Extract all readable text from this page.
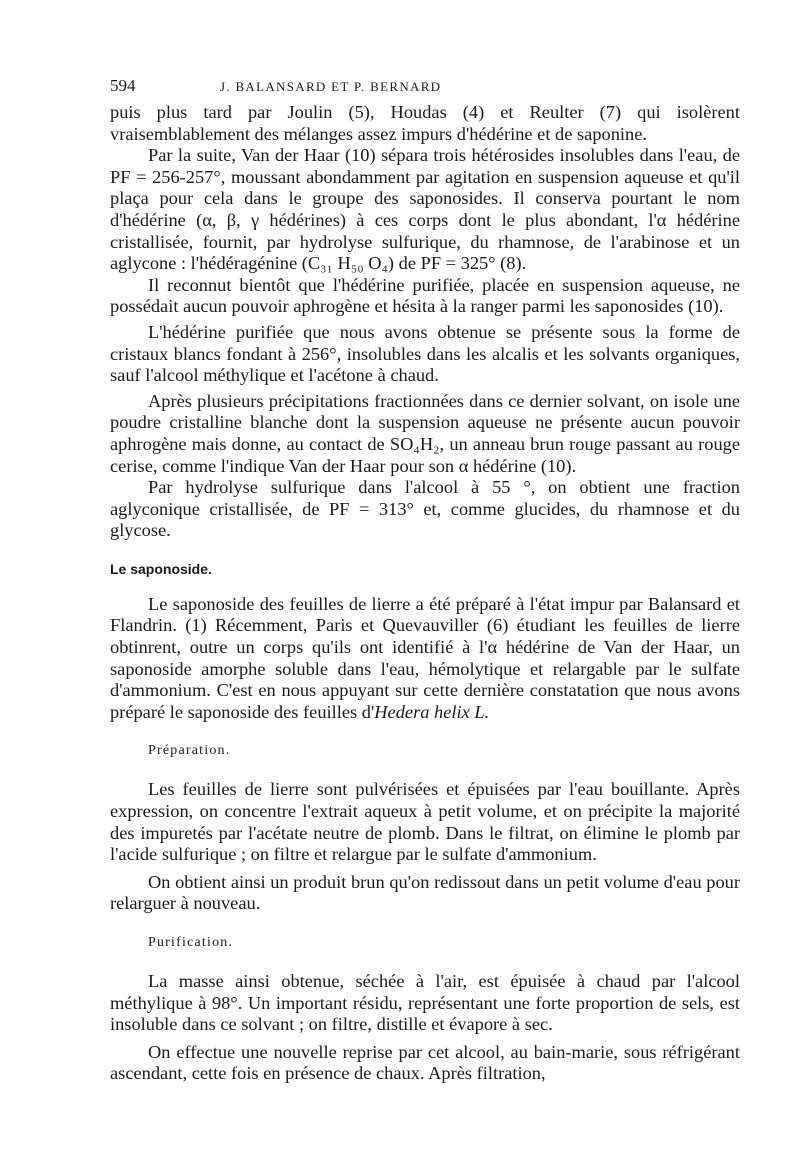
594	J. BALANSARD ET P. BERNARD

puis plus tard par Joulin (5), Houdas (4) et Reulter (7) qui isolèrent vraisemblablement des mélanges assez impurs d'hédérine et de saponine.

Par la suite, Van der Haar (10) sépara trois hétérosides insolubles dans l'eau, de PF = 256-257°, moussant abondamment par agitation en suspension aqueuse et qu'il plaça pour cela dans le groupe des saponosides. Il conserva pourtant le nom d'hédérine (α, β, γ hédérines) à ces corps dont le plus abondant, l'α hédérine cristallisée, fournit, par hydrolyse sulfurique, du rhamnose, de l'arabinose et un aglycone : l'hédéragénine (C₃₁ H₅₀ O₄) de PF = 325° (8).

Il reconnut bientôt que l'hédérine purifiée, placée en suspension aqueuse, ne possédait aucun pouvoir aphrogène et hésita à la ranger parmi les saponosides (10).

L'hédérine purifiée que nous avons obtenue se présente sous la forme de cristaux blancs fondant à 256°, insolubles dans les alcalis et les solvants organiques, sauf l'alcool méthylique et l'acétone à chaud.

Après plusieurs précipitations fractionnées dans ce dernier solvant, on isole une poudre cristalline blanche dont la suspension aqueuse ne présente aucun pouvoir aphrogène mais donne, au contact de SO₄H₂, un anneau brun rouge passant au rouge cerise, comme l'indique Van der Haar pour son α hédérine (10).

Par hydrolyse sulfurique dans l'alcool à 55 °, on obtient une fraction aglyconique cristallisée, de PF = 313° et, comme glucides, du rhamnose et du glycose.

Le saponoside.

Le saponoside des feuilles de lierre a été préparé à l'état impur par Balansard et Flandrin. (1) Récemment, Paris et Quevauviller (6) étudiant les feuilles de lierre obtinrent, outre un corps qu'ils ont identifié à l'α hédérine de Van der Haar, un saponoside amorphe soluble dans l'eau, hémolytique et relargable par le sulfate d'ammonium. C'est en nous appuyant sur cette dernière constatation que nous avons préparé le saponoside des feuilles d'Hedera helix L.

Préparation.

Les feuilles de lierre sont pulvérisées et épuisées par l'eau bouillante. Après expression, on concentre l'extrait aqueux à petit volume, et on précipite la majorité des impuretés par l'acétate neutre de plomb. Dans le filtrat, on élimine le plomb par l'acide sulfurique ; on filtre et relargue par le sulfate d'ammonium.

On obtient ainsi un produit brun qu'on redissout dans un petit volume d'eau pour relarguer à nouveau.

Purification.

La masse ainsi obtenue, séchée à l'air, est épuisée à chaud par l'alcool méthylique à 98°. Un important résidu, représentant une forte proportion de sels, est insoluble dans ce solvant ; on filtre, distille et évapore à sec.

On effectue une nouvelle reprise par cet alcool, au bain-marie, sous réfrigérant ascendant, cette fois en présence de chaux. Après filtration,
